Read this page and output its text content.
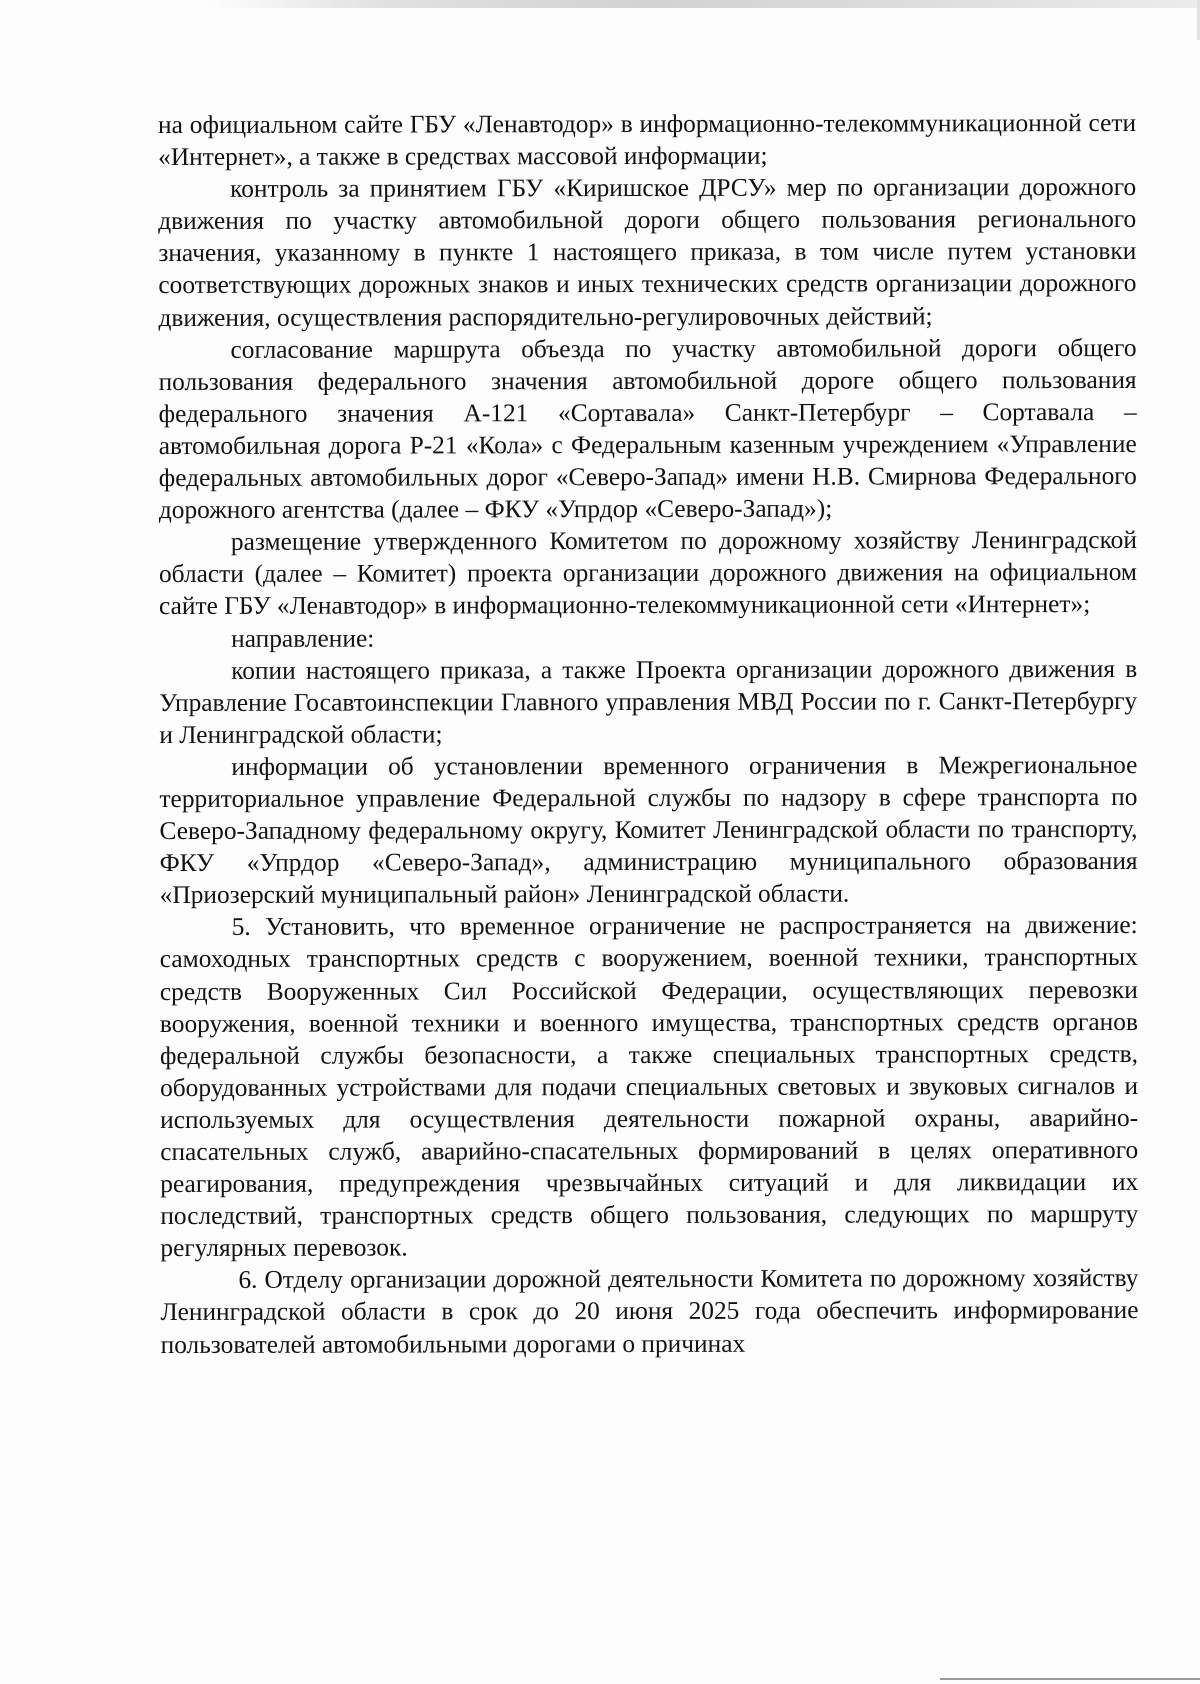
на официальном сайте ГБУ «Ленавтодор» в информационно-телекоммуникационной сети «Интернет», а также в средствах массовой информации;

контроль за принятием ГБУ «Киришское ДРСУ» мер по организации дорожного движения по участку автомобильной дороги общего пользования регионального значения, указанному в пункте 1 настоящего приказа, в том числе путем установки соответствующих дорожных знаков и иных технических средств организации дорожного движения, осуществления распорядительно-регулировочных действий;

согласование маршрута объезда по участку автомобильной дороги общего пользования федерального значения автомобильной дороге общего пользования федерального значения А-121 «Сортавала» Санкт-Петербург – Сортавала – автомобильная дорога Р-21 «Кола» с Федеральным казенным учреждением «Управление федеральных автомобильных дорог «Северо-Запад» имени Н.В. Смирнова Федерального дорожного агентства (далее – ФКУ «Упрдор «Северо-Запад»);

размещение утвержденного Комитетом по дорожному хозяйству Ленинградской области (далее – Комитет) проекта организации дорожного движения на официальном сайте ГБУ «Ленавтодор» в информационно-телекоммуникационной сети «Интернет»;

направление:

копии настоящего приказа, а также Проекта организации дорожного движения в Управление Госавтоинспекции Главного управления МВД России по г. Санкт-Петербургу и Ленинградской области;

информации об установлении временного ограничения в Межрегиональное территориальное управление Федеральной службы по надзору в сфере транспорта по Северо-Западному федеральному округу, Комитет Ленинградской области по транспорту, ФКУ «Упрдор «Северо-Запад», администрацию муниципального образования «Приозерский муниципальный район» Ленинградской области.

5. Установить, что временное ограничение не распространяется на движение: самоходных транспортных средств с вооружением, военной техники, транспортных средств Вооруженных Сил Российской Федерации, осуществляющих перевозки вооружения, военной техники и военного имущества, транспортных средств органов федеральной службы безопасности, а также специальных транспортных средств, оборудованных устройствами для подачи специальных световых и звуковых сигналов и используемых для осуществления деятельности пожарной охраны, аварийно-спасательных служб, аварийно-спасательных формирований в целях оперативного реагирования, предупреждения чрезвычайных ситуаций и для ликвидации их последствий, транспортных средств общего пользования, следующих по маршруту регулярных перевозок.

6. Отделу организации дорожной деятельности Комитета по дорожному хозяйству Ленинградской области в срок до 20 июня 2025 года обеспечить информирование пользователей автомобильными дорогами о причинах
